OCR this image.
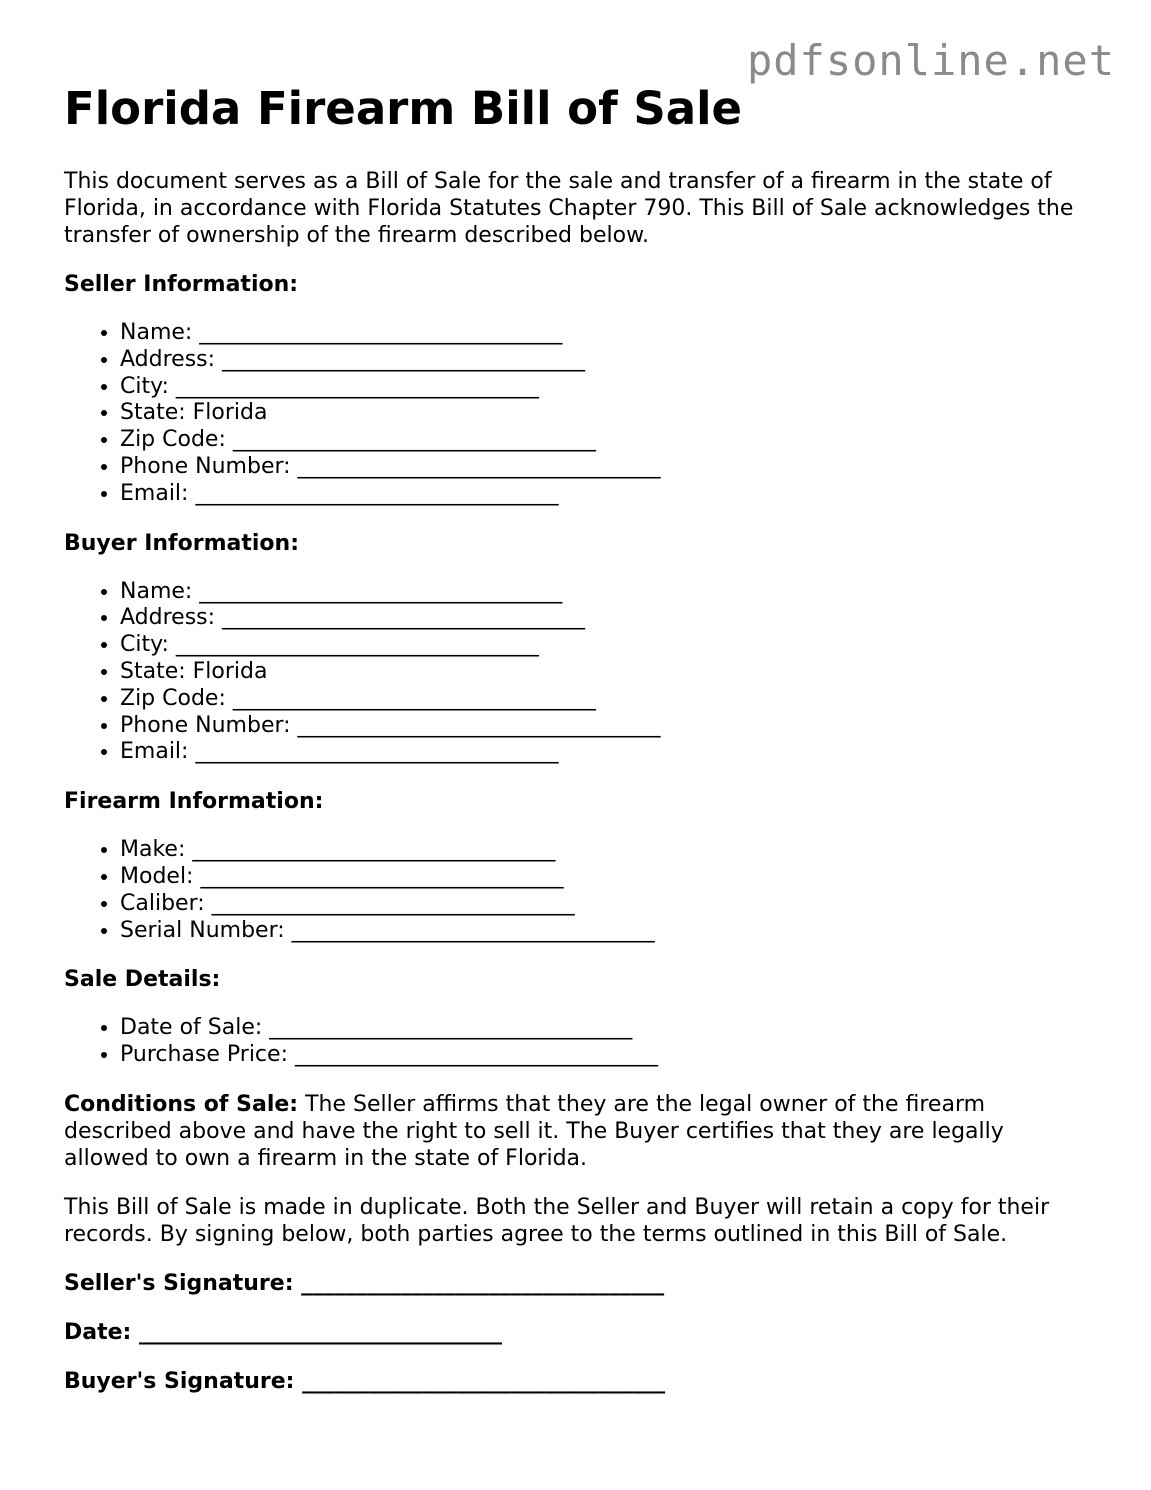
pdfsonline.net
Florida Firearm Bill of Sale

This document serves as a Bill of Sale for the sale and transfer of a firearm in the state of Florida, in accordance with Florida Statutes Chapter 790. This Bill of Sale acknowledges the transfer of ownership of the firearm described below.

Seller Information:
• Name: _________________________________
• Address: _________________________________
• City: _________________________________
• State: Florida
• Zip Code: _________________________________
• Phone Number: _________________________________
• Email: _________________________________
Buyer Information:
• Name: _________________________________
• Address: _________________________________
• City: _________________________________
• State: Florida
• Zip Code: _________________________________
• Phone Number: _________________________________
• Email: _________________________________
Firearm Information:
• Make: _________________________________
• Model: _________________________________
• Caliber: _________________________________
• Serial Number: _________________________________
Sale Details:
• Date of Sale: _________________________________
• Purchase Price: _________________________________

Conditions of Sale: The Seller affirms that they are the legal owner of the firearm described above and have the right to sell it. The Buyer certifies that they are legally allowed to own a firearm in the state of Florida.

This Bill of Sale is made in duplicate. Both the Seller and Buyer will retain a copy for their records. By signing below, both parties agree to the terms outlined in this Bill of Sale.

Seller's Signature: _________________________________
Date: _________________________________
Buyer's Signature: _________________________________
